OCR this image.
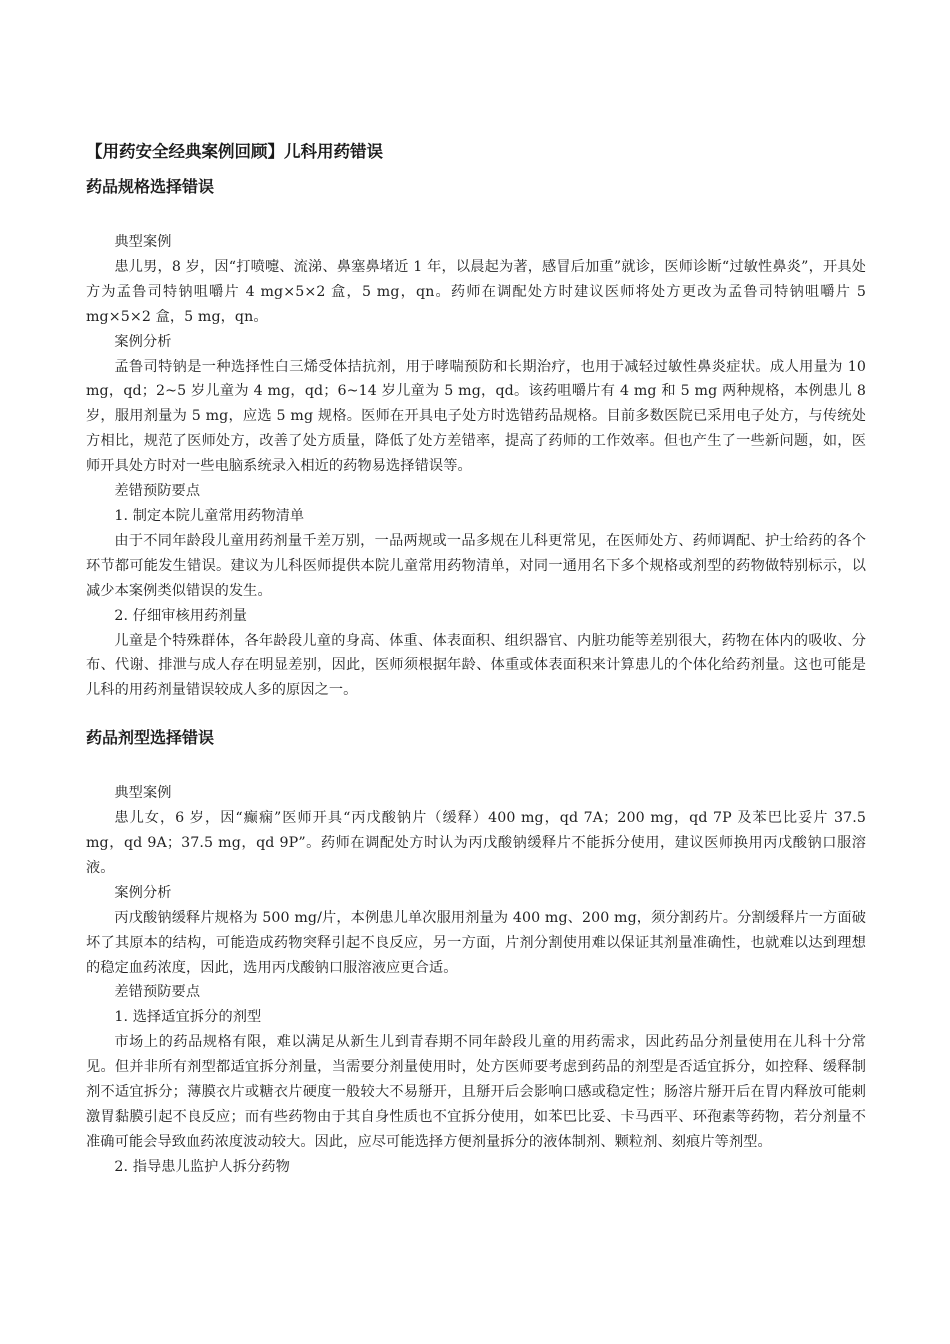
【用药安全经典案例回顾】儿科用药错误
药品规格选择错误

典型案例

患儿男，8 岁，因“打喷嚏、流涕、鼻塞鼻堵近 1 年，以晨起为著，感冒后加重”就诊，医师诊断“过敏性鼻炎”，开具处方为孟鲁司特钠咀嚼片 4 mg×5×2 盒，5 mg，qn。药师在调配处方时建议医师将处方更改为孟鲁司特钠咀嚼片 5 mg×5×2 盒，5 mg，qn。

案例分析

孟鲁司特钠是一种选择性白三烯受体拮抗剂，用于哮喘预防和长期治疗，也用于减轻过敏性鼻炎症状。成人用量为 10 mg，qd；2~5 岁儿童为 4 mg，qd；6~14 岁儿童为 5 mg，qd。该药咀嚼片有 4 mg 和 5 mg 两种规格，本例患儿 8 岁，服用剂量为 5 mg，应选 5 mg 规格。医师在开具电子处方时选错药品规格。目前多数医院已采用电子处方，与传统处方相比，规范了医师处方，改善了处方质量，降低了处方差错率，提高了药师的工作效率。但也产生了一些新问题，如，医师开具处方时对一些电脑系统录入相近的药物易选择错误等。

差错预防要点

1. 制定本院儿童常用药物清单

由于不同年龄段儿童用药剂量千差万别，一品两规或一品多规在儿科更常见，在医师处方、药师调配、护士给药的各个环节都可能发生错误。建议为儿科医师提供本院儿童常用药物清单，对同一通用名下多个规格或剂型的药物做特别标示，以减少本案例类似错误的发生。

2. 仔细审核用药剂量

儿童是个特殊群体，各年龄段儿童的身高、体重、体表面积、组织器官、内脏功能等差别很大，药物在体内的吸收、分布、代谢、排泄与成人存在明显差别，因此，医师须根据年龄、体重或体表面积来计算患儿的个体化给药剂量。这也可能是儿科的用药剂量错误较成人多的原因之一。

药品剂型选择错误

典型案例

患儿女，6 岁，因“癫痫”医师开具“丙戊酸钠片（缓释）400 mg，qd 7A；200 mg，qd 7P 及苯巴比妥片 37.5 mg，qd 9A；37.5 mg，qd 9P”。药师在调配处方时认为丙戊酸钠缓释片不能拆分使用，建议医师换用丙戊酸钠口服溶液。

案例分析

丙戊酸钠缓释片规格为 500 mg/片，本例患儿单次服用剂量为 400 mg、200 mg，须分割药片。分割缓释片一方面破坏了其原本的结构，可能造成药物突释引起不良反应，另一方面，片剂分割使用难以保证其剂量准确性，也就难以达到理想的稳定血药浓度，因此，选用丙戊酸钠口服溶液应更合适。

差错预防要点

1. 选择适宜拆分的剂型

市场上的药品规格有限，难以满足从新生儿到青春期不同年龄段儿童的用药需求，因此药品分剂量使用在儿科十分常见。但并非所有剂型都适宜拆分剂量，当需要分剂量使用时，处方医师要考虑到药品的剂型是否适宜拆分，如控释、缓释制剂不适宜拆分；薄膜衣片或糖衣片硬度一般较大不易掰开，且掰开后会影响口感或稳定性；肠溶片掰开后在胃内释放可能刺激胃黏膜引起不良反应；而有些药物由于其自身性质也不宜拆分使用，如苯巴比妥、卡马西平、环孢素等药物，若分剂量不准确可能会导致血药浓度波动较大。因此，应尽可能选择方便剂量拆分的液体制剂、颗粒剂、刻痕片等剂型。

2. 指导患儿监护人拆分药物
